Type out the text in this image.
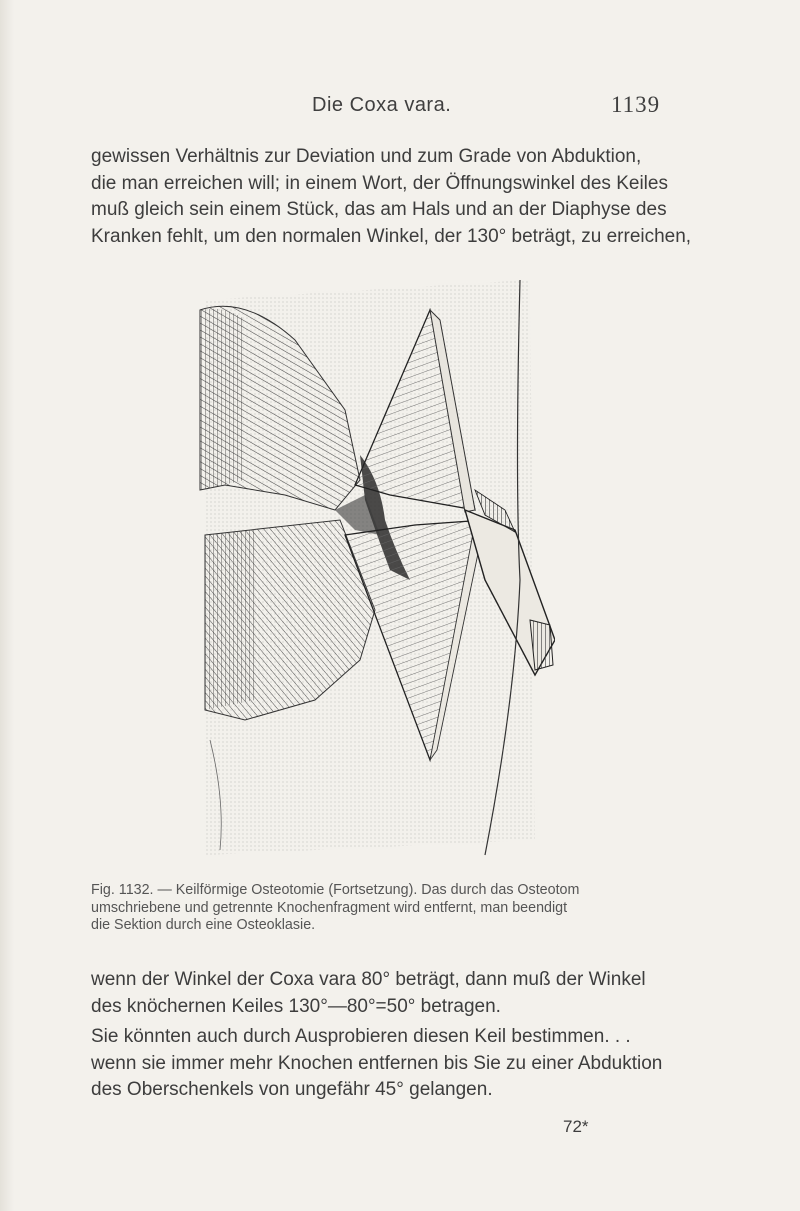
Die Coxa vara.	1139

gewissen Verhältnis zur Deviation und zum Grade von Abduktion,
die man erreichen will; in einem Wort, der Öffnungswinkel des Keiles
muß gleich sein einem Stück, das am Hals und an der Diaphyse des
Kranken fehlt, um den normalen Winkel, der 130° beträgt, zu erreichen,

Fig. 1132. — Keilförmige Osteotomie (Fortsetzung). Das durch das Osteotom
umschriebene und getrennte Knochenfragment wird entfernt, man beendigt
die Sektion durch eine Osteoklasie.

wenn der Winkel der Coxa vara 80° beträgt, dann muß der Winkel
des knöchernen Keiles 130°—80°=50° betragen.

Sie könnten auch durch Ausprobieren diesen Keil bestimmen. . .
wenn sie immer mehr Knochen entfernen bis Sie zu einer Abduktion
des Oberschenkels von ungefähr 45° gelangen.

72*
